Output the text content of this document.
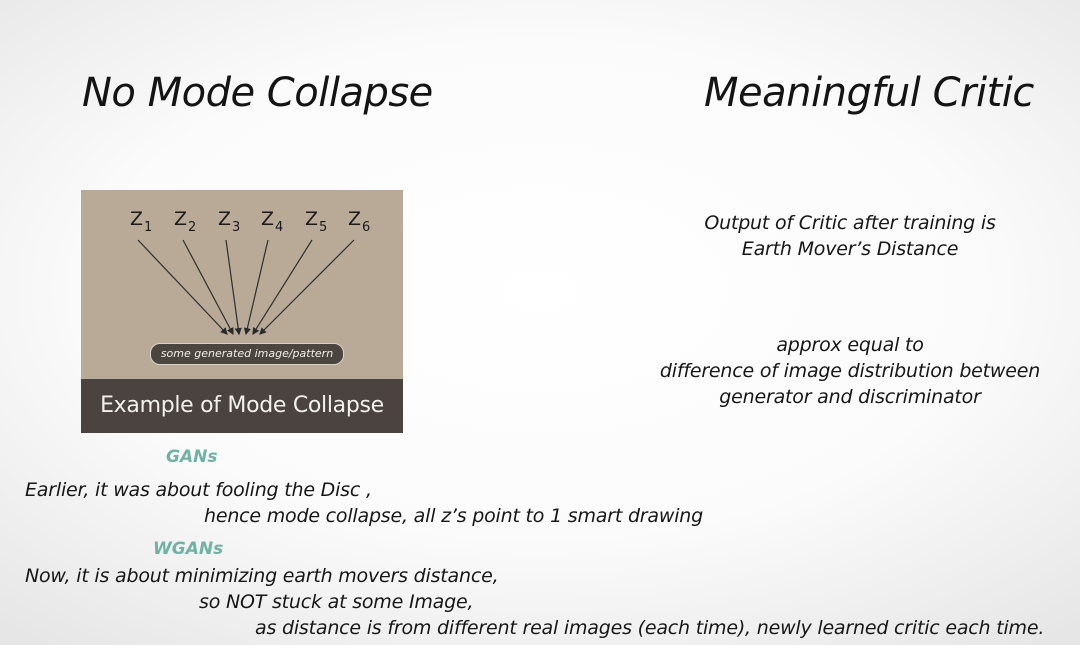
No Mode Collapse	Meaningful Critic
$Z_1$ $Z_2$ $Z_3$ $Z_4$ $Z_5$ $Z_6$
some generated image/pattern
Example of Mode Collapse

Output of Critic after training is

Earth Mover’s Distance

approx equal to

difference of image distribution between

generator and discriminator

GANs

Earlier, it was about fooling the Disc ,

hence mode collapse, all z’s point to 1 smart drawing

WGANs

Now, it is about minimizing earth movers distance,

so NOT stuck at some Image,

as distance is from different real images (each time), newly learned critic each time.
